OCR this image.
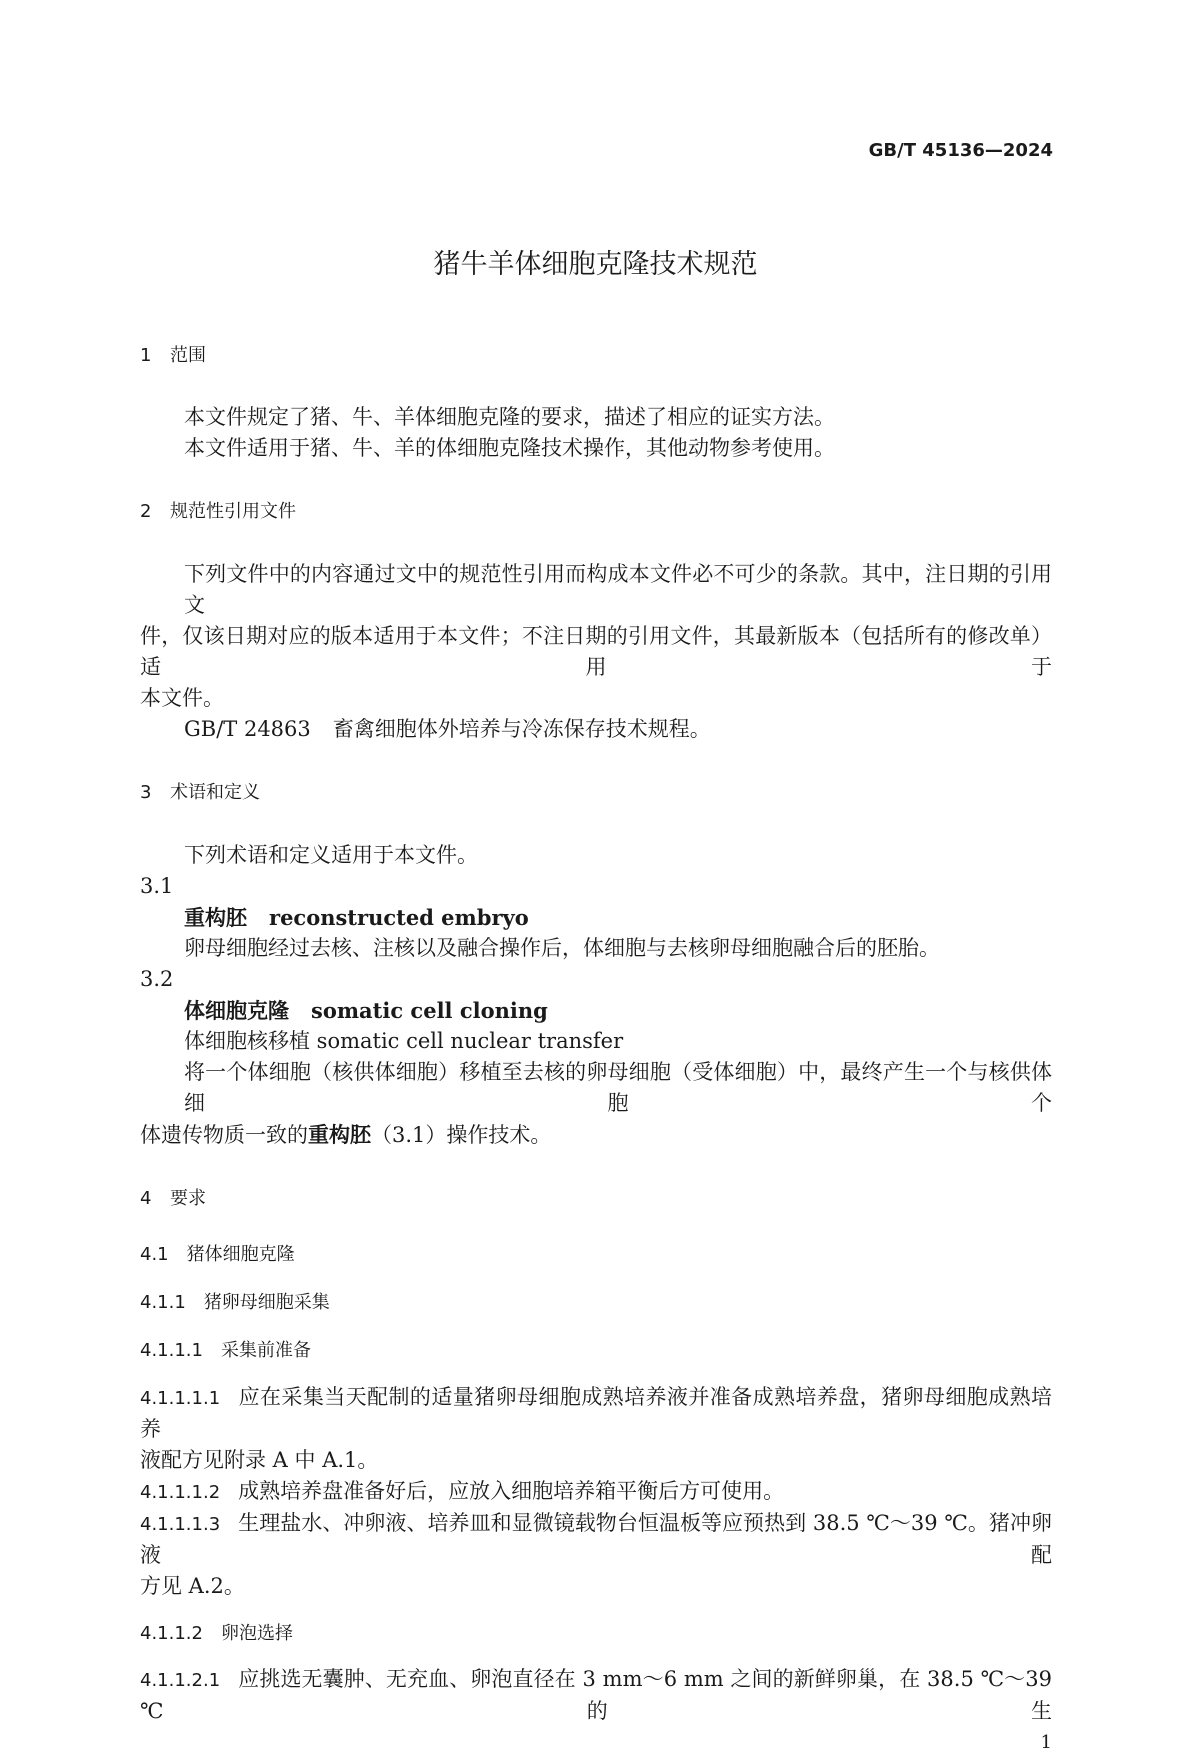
GB/T 45136—2024
猪牛羊体细胞克隆技术规范
1 范围
本文件规定了猪、牛、羊体细胞克隆的要求，描述了相应的证实方法。
本文件适用于猪、牛、羊的体细胞克隆技术操作，其他动物参考使用。
2 规范性引用文件
下列文件中的内容通过文中的规范性引用而构成本文件必不可少的条款。其中，注日期的引用文
件，仅该日期对应的版本适用于本文件；不注日期的引用文件，其最新版本（包括所有的修改单）适用于
本文件。
GB/T 24863 畜禽细胞体外培养与冷冻保存技术规程。
3 术语和定义
下列术语和定义适用于本文件。
3.1
重构胚 reconstructed embryo
卵母细胞经过去核、注核以及融合操作后，体细胞与去核卵母细胞融合后的胚胎。
3.2
体细胞克隆 somatic cell cloning
体细胞核移植 somatic cell nuclear transfer
将一个体细胞（核供体细胞）移植至去核的卵母细胞（受体细胞）中，最终产生一个与核供体细胞个
体遗传物质一致的重构胚（3.1）操作技术。
4 要求
4.1 猪体细胞克隆
4.1.1 猪卵母细胞采集
4.1.1.1 采集前准备
4.1.1.1.1 应在采集当天配制的适量猪卵母细胞成熟培养液并准备成熟培养盘，猪卵母细胞成熟培养
液配方见附录 A 中 A.1。
4.1.1.1.2 成熟培养盘准备好后，应放入细胞培养箱平衡后方可使用。
4.1.1.1.3 生理盐水、冲卵液、培养皿和显微镜载物台恒温板等应预热到 38.5 ℃～39 ℃。猪冲卵液配
方见 A.2。
4.1.1.2 卵泡选择
4.1.1.2.1 应挑选无囊肿、无充血、卵泡直径在 3 mm～6 mm 之间的新鲜卵巢，在 38.5 ℃～39 ℃的生
1
